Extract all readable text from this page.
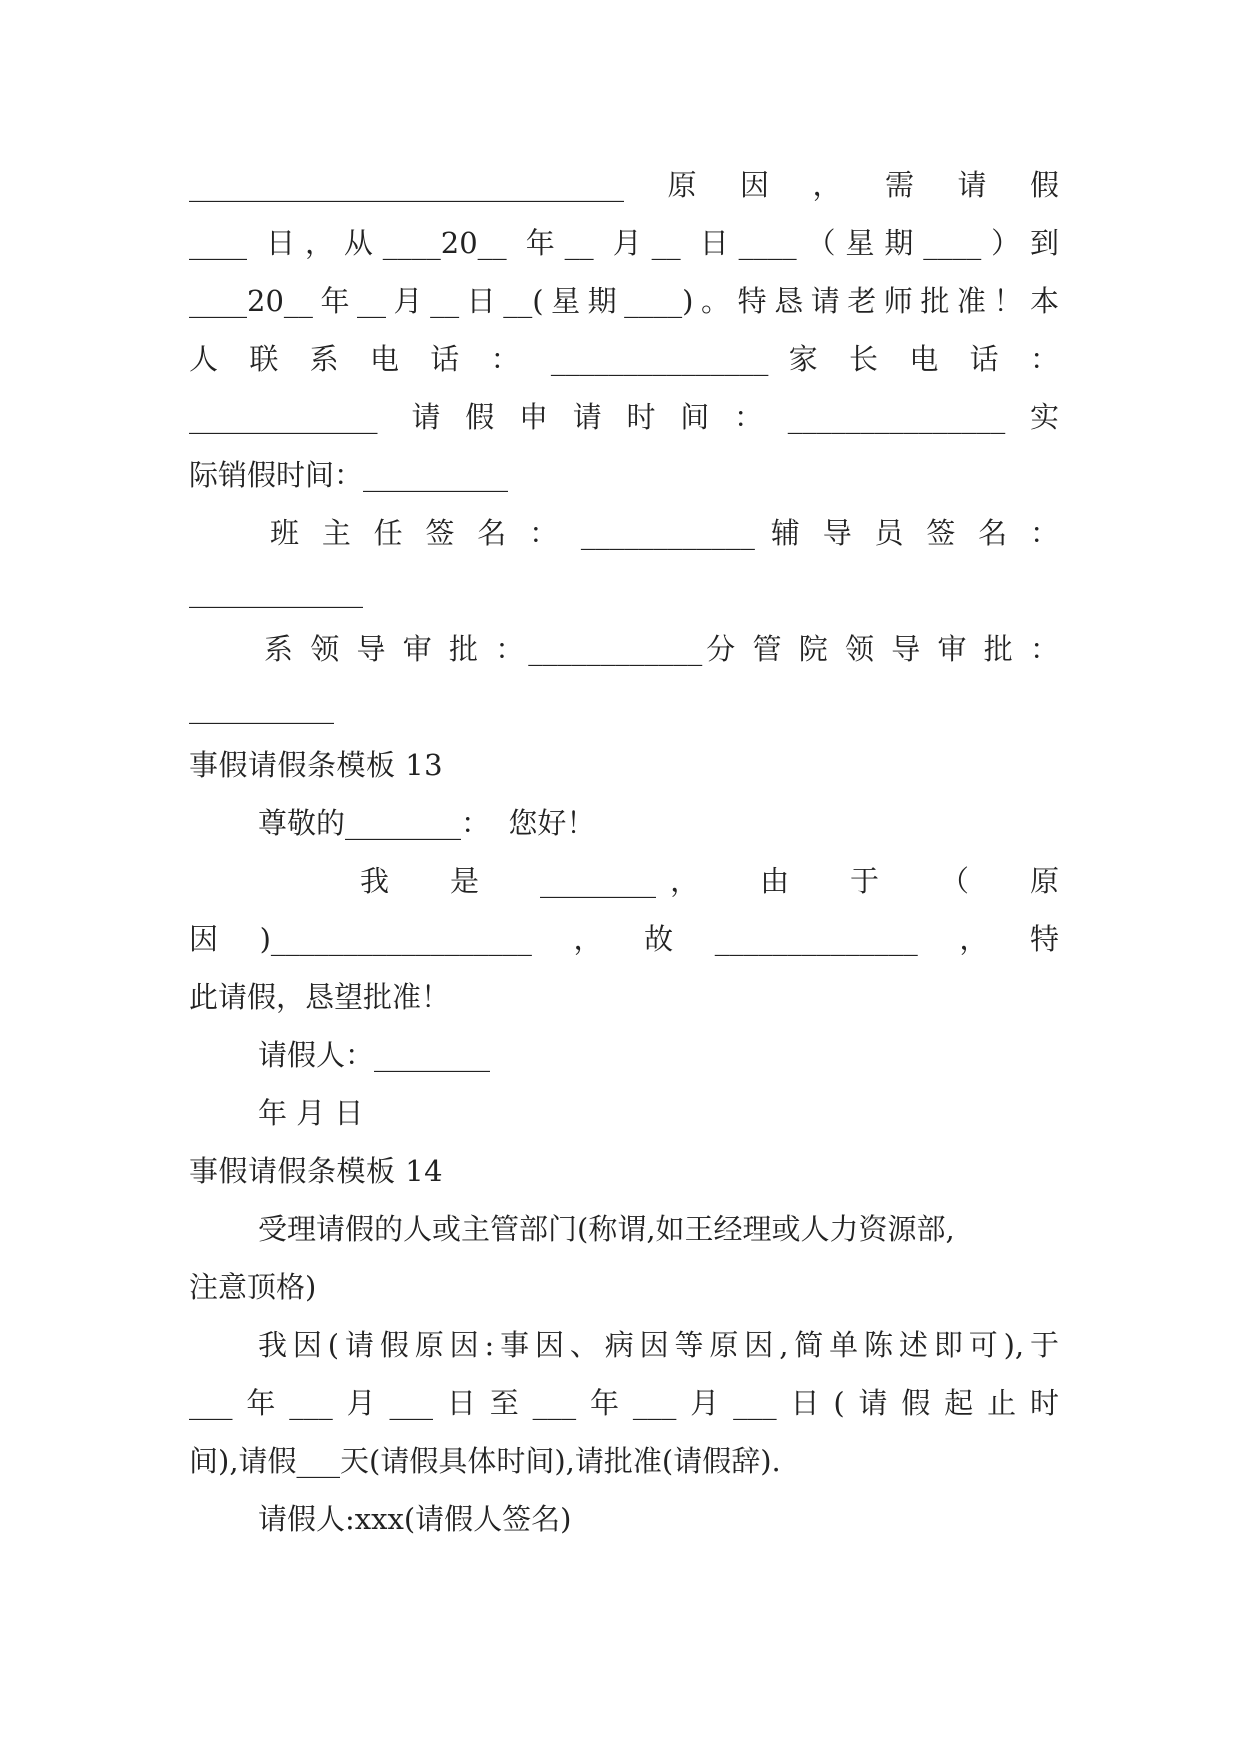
______________________________原因，需请假
____ 日，从____20__ 年__ 月__ 日____（星期____）到
____20__年__月__日__(星期____)。特恳请老师批准！本
人 联 系 电 话 ： _______________ 家 长 电 话 ：
_____________ 请假申请时间：_______________实
际销假时间：__________
班 主 任 签 名 ： ____________ 辅 导 员 签 名 ：
____________
系 领 导 审 批 ：____________分 管 院 领 导 审 批 ：
__________
事假请假条模板 13
尊敬的________：  您好！
我  是  ________，  由  于  （  原
因)__________________，故______________，特
此请假，恳望批准！
请假人：________
年 月 日
事假请假条模板 14
受理请假的人或主管部门(称谓,如王经理或人力资源部,
注意顶格)
我因(请假原因:事因、病因等原因,简单陈述即可),于
___年___月___日至___年___月___日(请假起止时
间),请假___天(请假具体时间),请批准(请假辞).
请假人:xxx(请假人签名)
